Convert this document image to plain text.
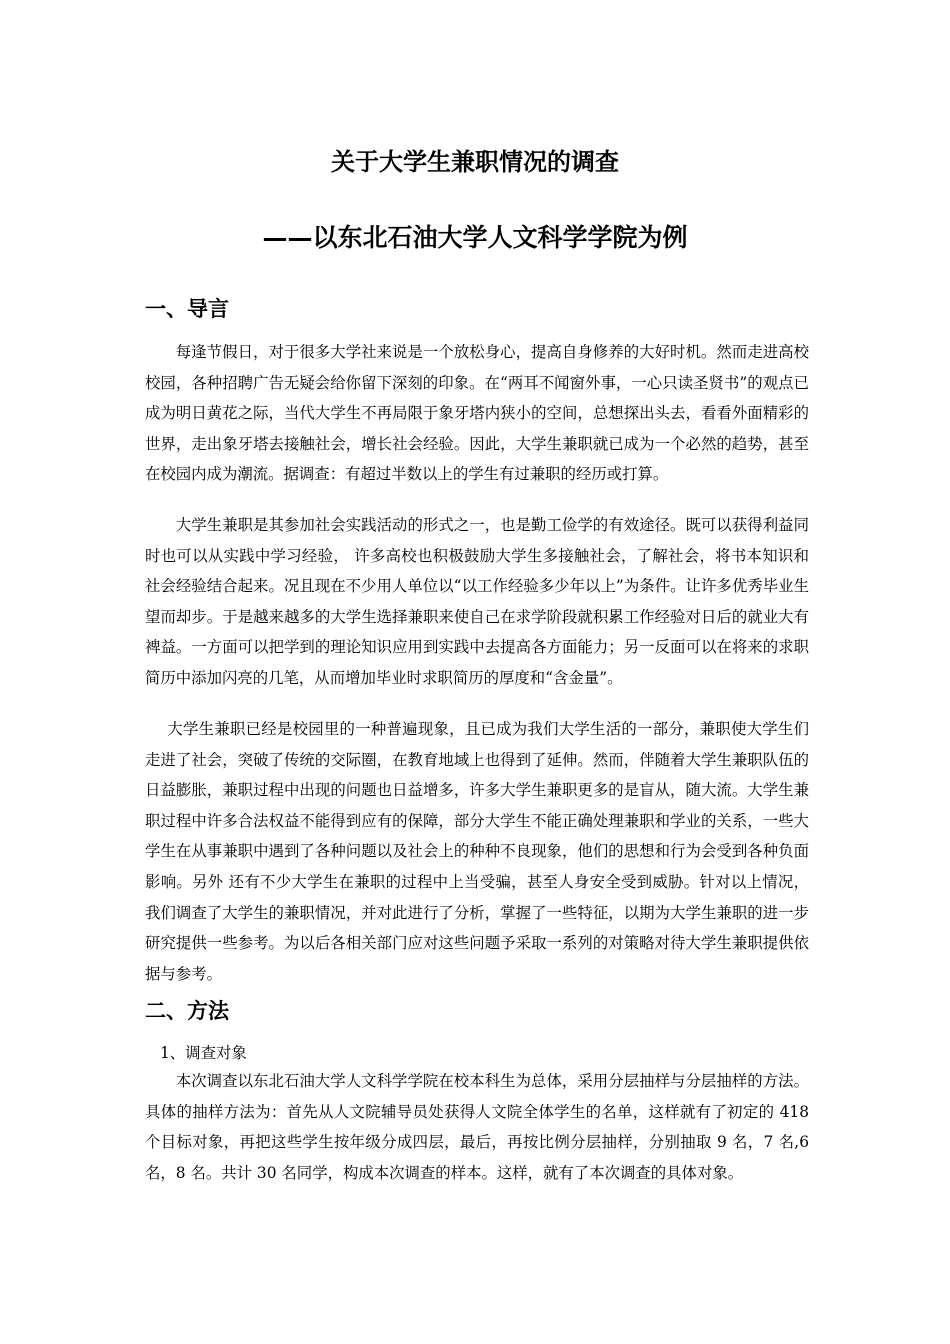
关于大学生兼职情况的调查
——以东北石油大学人文科学学院为例
一、导言

每逢节假日，对于很多大学社来说是一个放松身心，提高自身修养的大好时机。然而走进高校校园，各种招聘广告无疑会给你留下深刻的印象。在“两耳不闻窗外事，一心只读圣贤书”的观点已成为明日黄花之际，当代大学生不再局限于象牙塔内狭小的空间，总想探出头去，看看外面精彩的世界，走出象牙塔去接触社会，增长社会经验。因此，大学生兼职就已成为一个必然的趋势，甚至在校园内成为潮流。据调查：有超过半数以上的学生有过兼职的经历或打算。

大学生兼职是其参加社会实践活动的形式之一，也是勤工俭学的有效途径。既可以获得利益同时也可以从实践中学习经验， 许多高校也积极鼓励大学生多接触社会，了解社会，将书本知识和社会经验结合起来。况且现在不少用人单位以“以工作经验多少年以上”为条件。让许多优秀毕业生望而却步。于是越来越多的大学生选择兼职来使自己在求学阶段就积累工作经验对日后的就业大有裨益。一方面可以把学到的理论知识应用到实践中去提高各方面能力；另一反面可以在将来的求职简历中添加闪亮的几笔，从而增加毕业时求职简历的厚度和“含金量”。

大学生兼职已经是校园里的一种普遍现象，且已成为我们大学生活的一部分，兼职使大学生们走进了社会，突破了传统的交际圈，在教育地域上也得到了延伸。然而，伴随着大学生兼职队伍的日益膨胀，兼职过程中出现的问题也日益增多，许多大学生兼职更多的是盲从，随大流。大学生兼职过程中许多合法权益不能得到应有的保障，部分大学生不能正确处理兼职和学业的关系，一些大学生在从事兼职中遇到了各种问题以及社会上的种种不良现象，他们的思想和行为会受到各种负面影响。另外 还有不少大学生在兼职的过程中上当受骗，甚至人身安全受到威胁。针对以上情况，我们调查了大学生的兼职情况，并对此进行了分析，掌握了一些特征，以期为大学生兼职的进一步研究提供一些参考。为以后各相关部门应对这些问题予采取一系列的对策略对待大学生兼职提供依据与参考。

二、方法

1、调查对象

本次调查以东北石油大学人文科学学院在校本科生为总体，采用分层抽样与分层抽样的方法。具体的抽样方法为：首先从人文院辅导员处获得人文院全体学生的名单，这样就有了初定的 418 个目标对象，再把这些学生按年级分成四层，最后，再按比例分层抽样，分别抽取 9 名，7 名,6 名，8 名。共计 30 名同学，构成本次调查的样本。这样，就有了本次调查的具体对象。
